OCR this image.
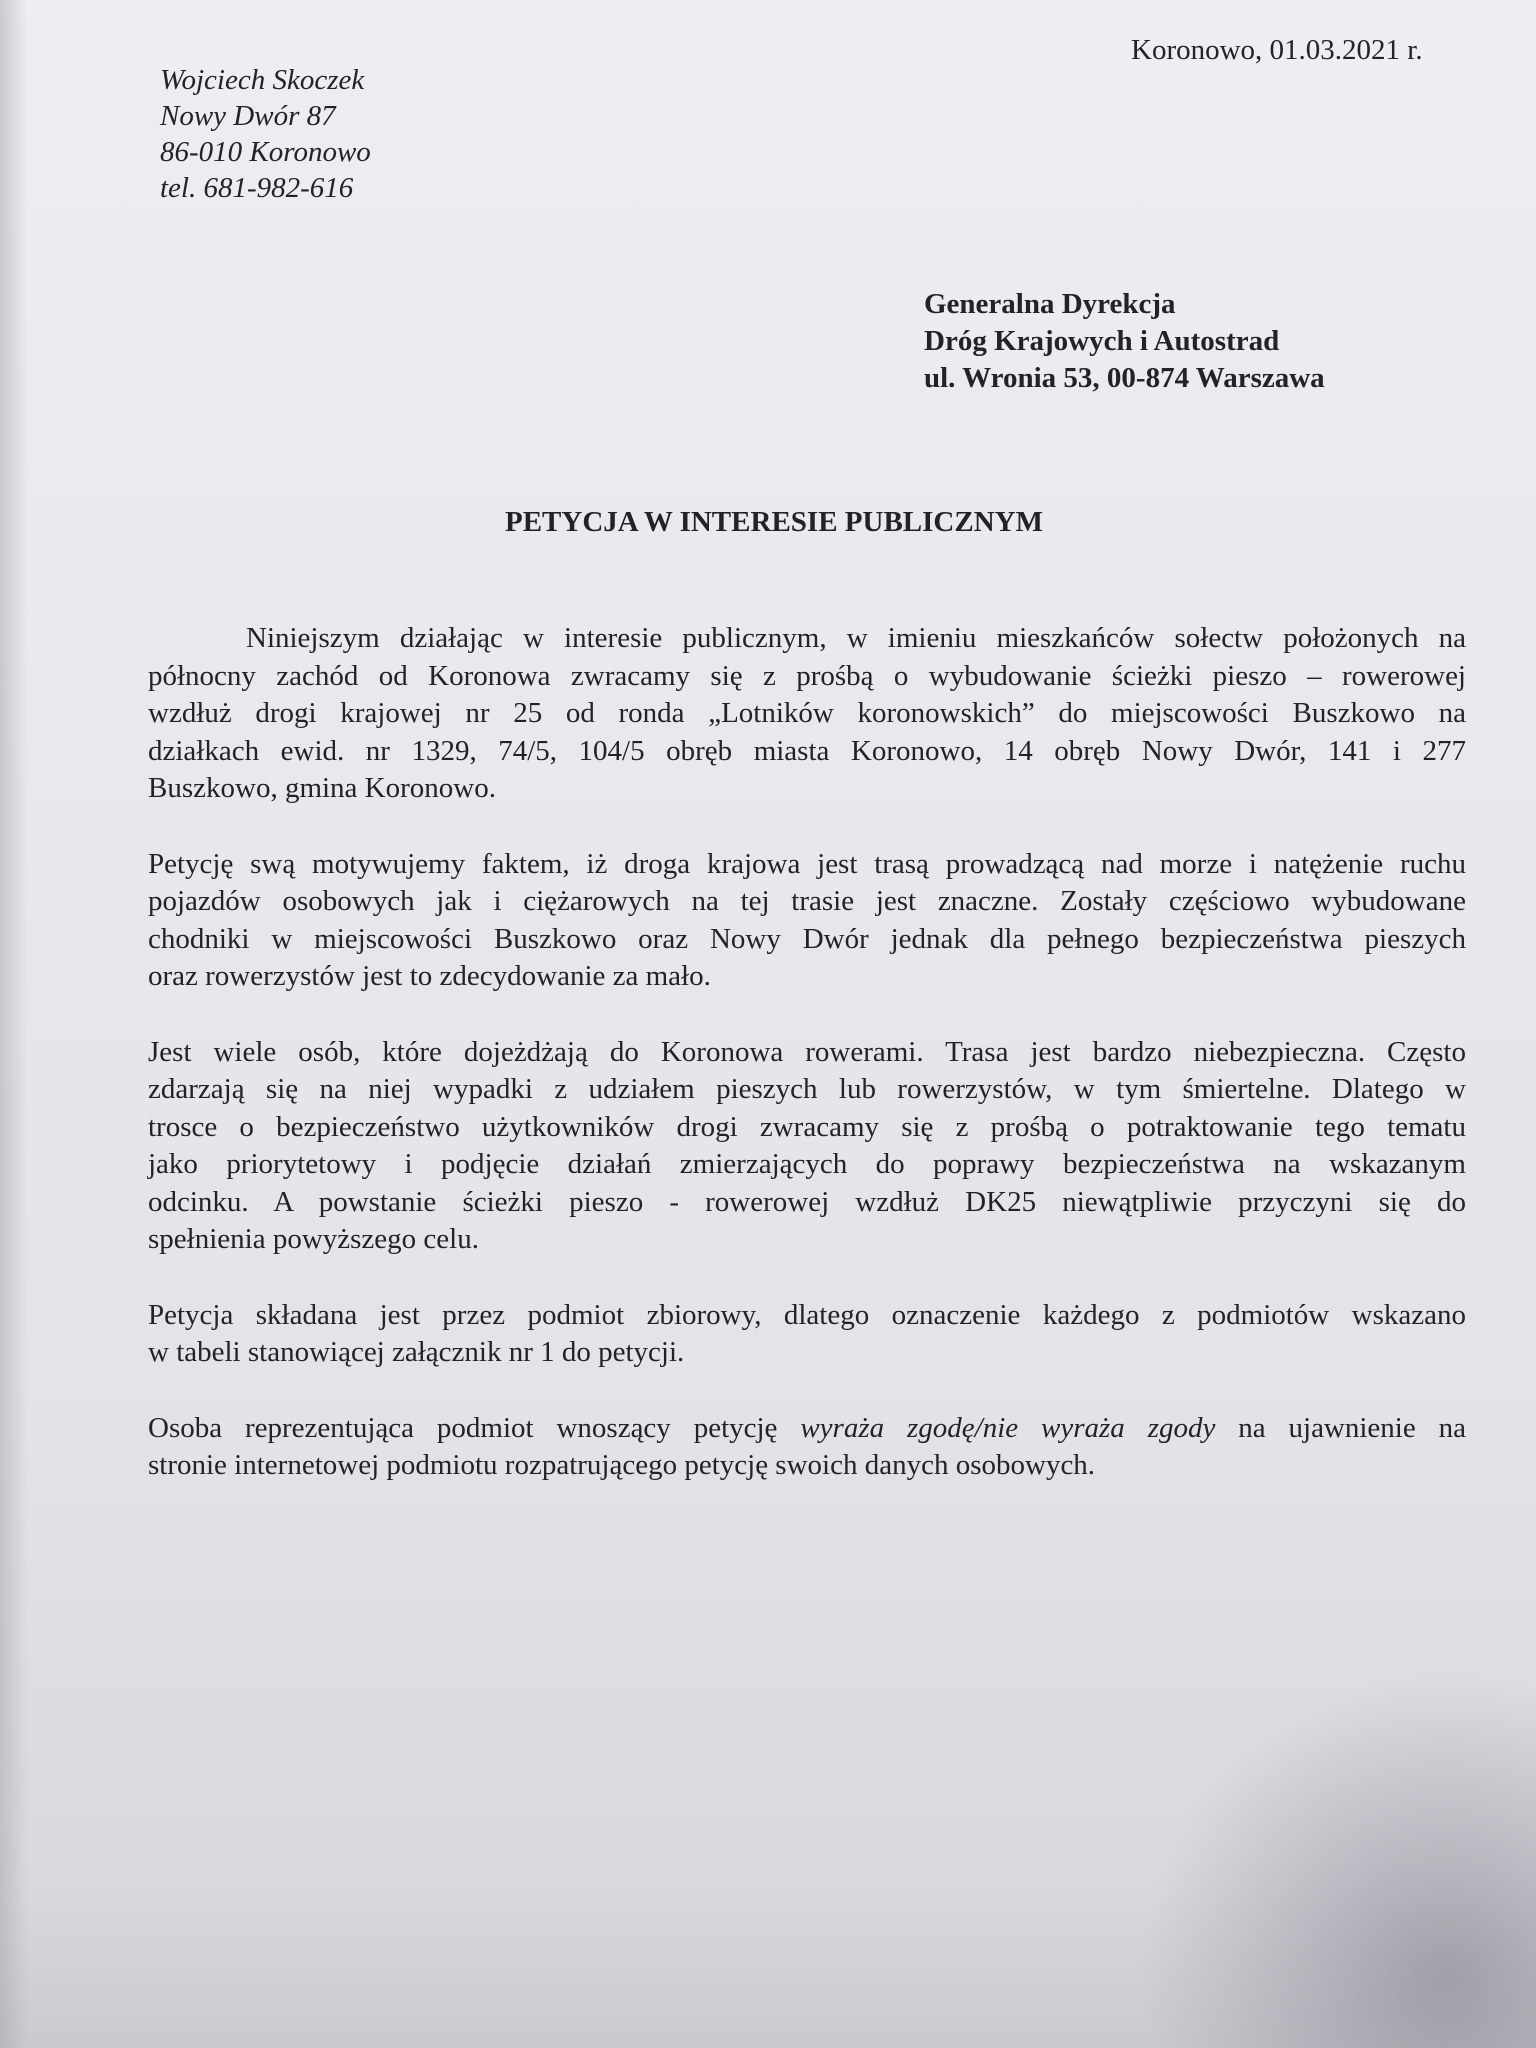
Koronowo, 01.03.2021 r.
Wojciech Skoczek
Nowy Dwór 87
86-010 Koronowo
tel. 681-982-616
Generalna Dyrekcja
Dróg Krajowych i Autostrad
ul. Wronia 53, 00-874 Warszawa
PETYCJA W INTERESIE PUBLICZNYM
Niniejszym działając w interesie publicznym, w imieniu mieszkańców sołectw położonych na
północny zachód od Koronowa zwracamy się z prośbą o wybudowanie ścieżki pieszo – rowerowej
wzdłuż drogi krajowej nr 25 od ronda „Lotników koronowskich” do miejscowości Buszkowo na
działkach ewid. nr 1329, 74/5, 104/5 obręb miasta Koronowo, 14 obręb Nowy Dwór, 141 i 277
Buszkowo, gmina Koronowo.
Petycję swą motywujemy faktem, iż droga krajowa jest trasą prowadzącą nad morze i natężenie ruchu
pojazdów osobowych jak i ciężarowych na tej trasie jest znaczne. Zostały częściowo wybudowane
chodniki w miejscowości Buszkowo oraz Nowy Dwór jednak dla pełnego bezpieczeństwa pieszych
oraz rowerzystów jest to zdecydowanie za mało.
Jest wiele osób, które dojeżdżają do Koronowa rowerami. Trasa jest bardzo niebezpieczna. Często
zdarzają się na niej wypadki z udziałem pieszych lub rowerzystów, w tym śmiertelne. Dlatego w
trosce o bezpieczeństwo użytkowników drogi zwracamy się z prośbą o potraktowanie tego tematu
jako priorytetowy i podjęcie działań zmierzających do poprawy bezpieczeństwa na wskazanym
odcinku. A powstanie ścieżki pieszo - rowerowej wzdłuż DK25 niewątpliwie przyczyni się do
spełnienia powyższego celu.
Petycja składana jest przez podmiot zbiorowy, dlatego oznaczenie każdego z podmiotów wskazano
w tabeli stanowiącej załącznik nr 1 do petycji.
Osoba reprezentująca podmiot wnoszący petycję wyraża zgodę/nie wyraża zgody na ujawnienie na
stronie internetowej podmiotu rozpatrującego petycję swoich danych osobowych.
